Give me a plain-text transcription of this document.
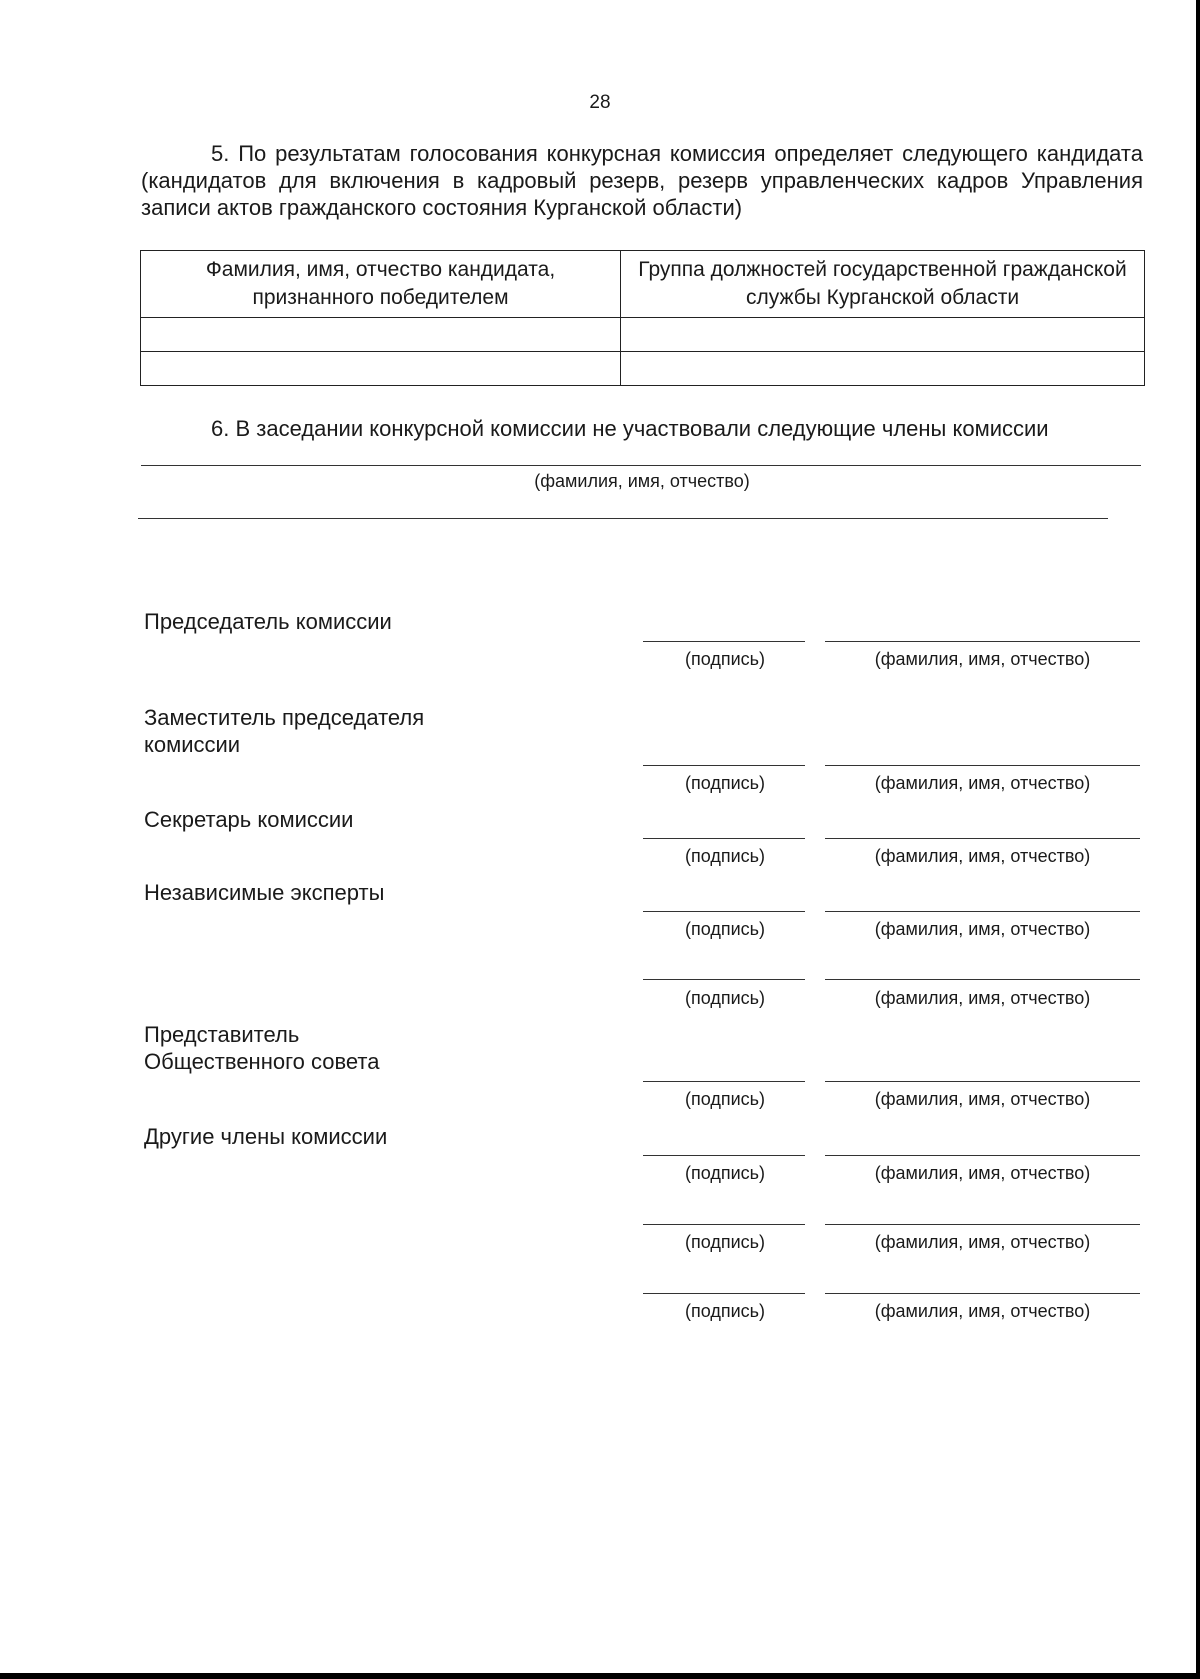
28
5. По результатам голосования конкурсная комиссия определяет следующего кандидата (кандидатов для включения в кадровый резерв, резерв управленческих кадров Управления записи актов гражданского состояния Курганской области)
Фамилия, имя, отчество кандидата, признанного победителем	Группа должностей государственной гражданской службы Курганской области

6. В заседании конкурсной комиссии не участвовали следующие члены комиссии
(фамилия, имя, отчество)
Председатель комиссии
(подпись)	(фамилия, имя, отчество)
Заместитель председателя комиссии
(подпись)	(фамилия, имя, отчество)
Секретарь комиссии
(подпись)	(фамилия, имя, отчество)
Независимые эксперты
(подпись)	(фамилия, имя, отчество)
(подпись)	(фамилия, имя, отчество)
Представитель Общественного совета
(подпись)	(фамилия, имя, отчество)
Другие члены комиссии
(подпись)	(фамилия, имя, отчество)
(подпись)	(фамилия, имя, отчество)
(подпись)	(фамилия, имя, отчество)
